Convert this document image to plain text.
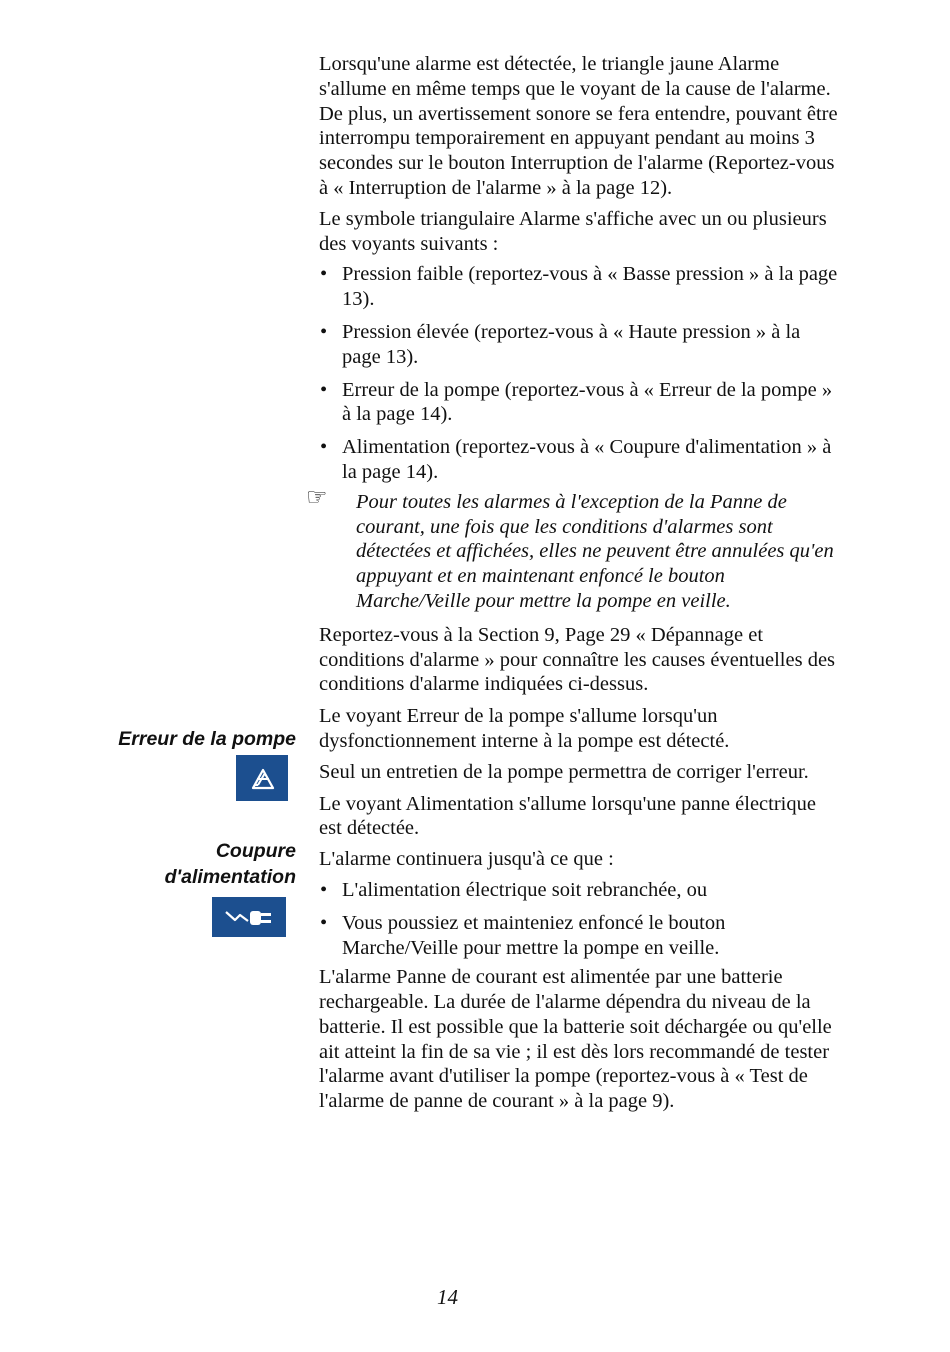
Erreur de la pompe
Coupure
d'alimentation

Lorsqu'une alarme est détectée, le triangle jaune Alarme s'allume en même temps que le voyant de la cause de l'alarme. De plus, un avertissement sonore se fera entendre, pouvant être interrompu temporairement en appuyant pendant au moins 3 secondes sur le bouton Interruption de l'alarme (Reportez-vous à « Interruption de l'alarme » à la page 12).

Le symbole triangulaire Alarme s'affiche avec un ou plusieurs des voyants suivants :

• Pression faible (reportez-vous à « Basse pression » à la page 13).
• Pression élevée (reportez-vous à « Haute pression » à la page 13).
• Erreur de la pompe (reportez-vous à « Erreur de la pompe » à la page 14).
• Alimentation (reportez-vous à « Coupure d'alimentation » à la page 14).
☞ Pour toutes les alarmes à l'exception de la Panne de courant, une fois que les conditions d'alarmes sont détectées et affichées, elles ne peuvent être annulées qu'en appuyant et en maintenant enfoncé le bouton Marche/Veille pour mettre la pompe en veille.

Reportez-vous à la Section 9, Page 29 « Dépannage et conditions d'alarme » pour connaître les causes éventuelles des conditions d'alarme indiquées ci-dessus.

Le voyant Erreur de la pompe s'allume lorsqu'un dysfonctionnement interne à la pompe est détecté.

Seul un entretien de la pompe permettra de corriger l'erreur.

Le voyant Alimentation s'allume lorsqu'une panne électrique est détectée.

L'alarme continuera jusqu'à ce que :

• L'alimentation électrique soit rebranchée, ou
• Vous poussiez et mainteniez enfoncé le bouton Marche/Veille pour mettre la pompe en veille.

L'alarme Panne de courant est alimentée par une batterie rechargeable. La durée de l'alarme dépendra du niveau de la batterie. Il est possible que la batterie soit déchargée ou qu'elle ait atteint la fin de sa vie ; il est dès lors recommandé de tester l'alarme avant d'utiliser la pompe (reportez-vous à « Test de l'alarme de panne de courant » à la page 9).

14
